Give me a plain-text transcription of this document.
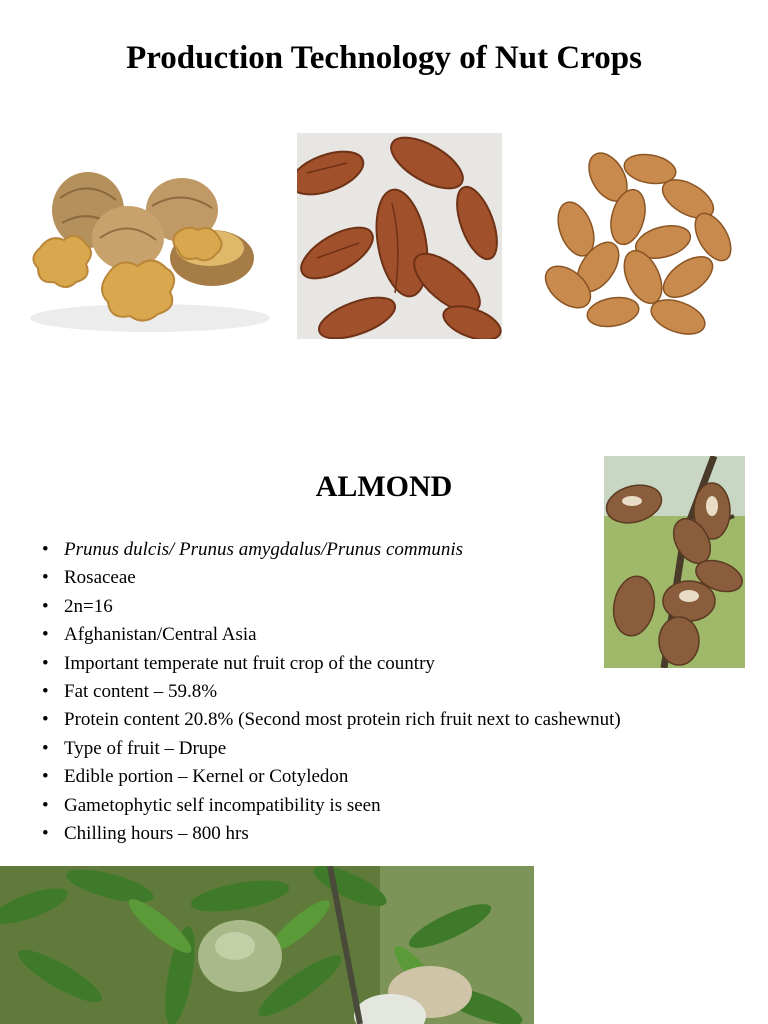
Production Technology of Nut Crops
ALMOND
• Prunus dulcis/ Prunus amygdalus/Prunus communis
• Rosaceae
• 2n=16
• Afghanistan/Central Asia
• Important temperate nut fruit crop of the country
• Fat content – 59.8%
• Protein content 20.8% (Second most protein rich fruit next to cashewnut)
• Type of fruit – Drupe
• Edible portion – Kernel or Cotyledon
• Gametophytic self incompatibility is seen
• Chilling hours – 800 hrs
